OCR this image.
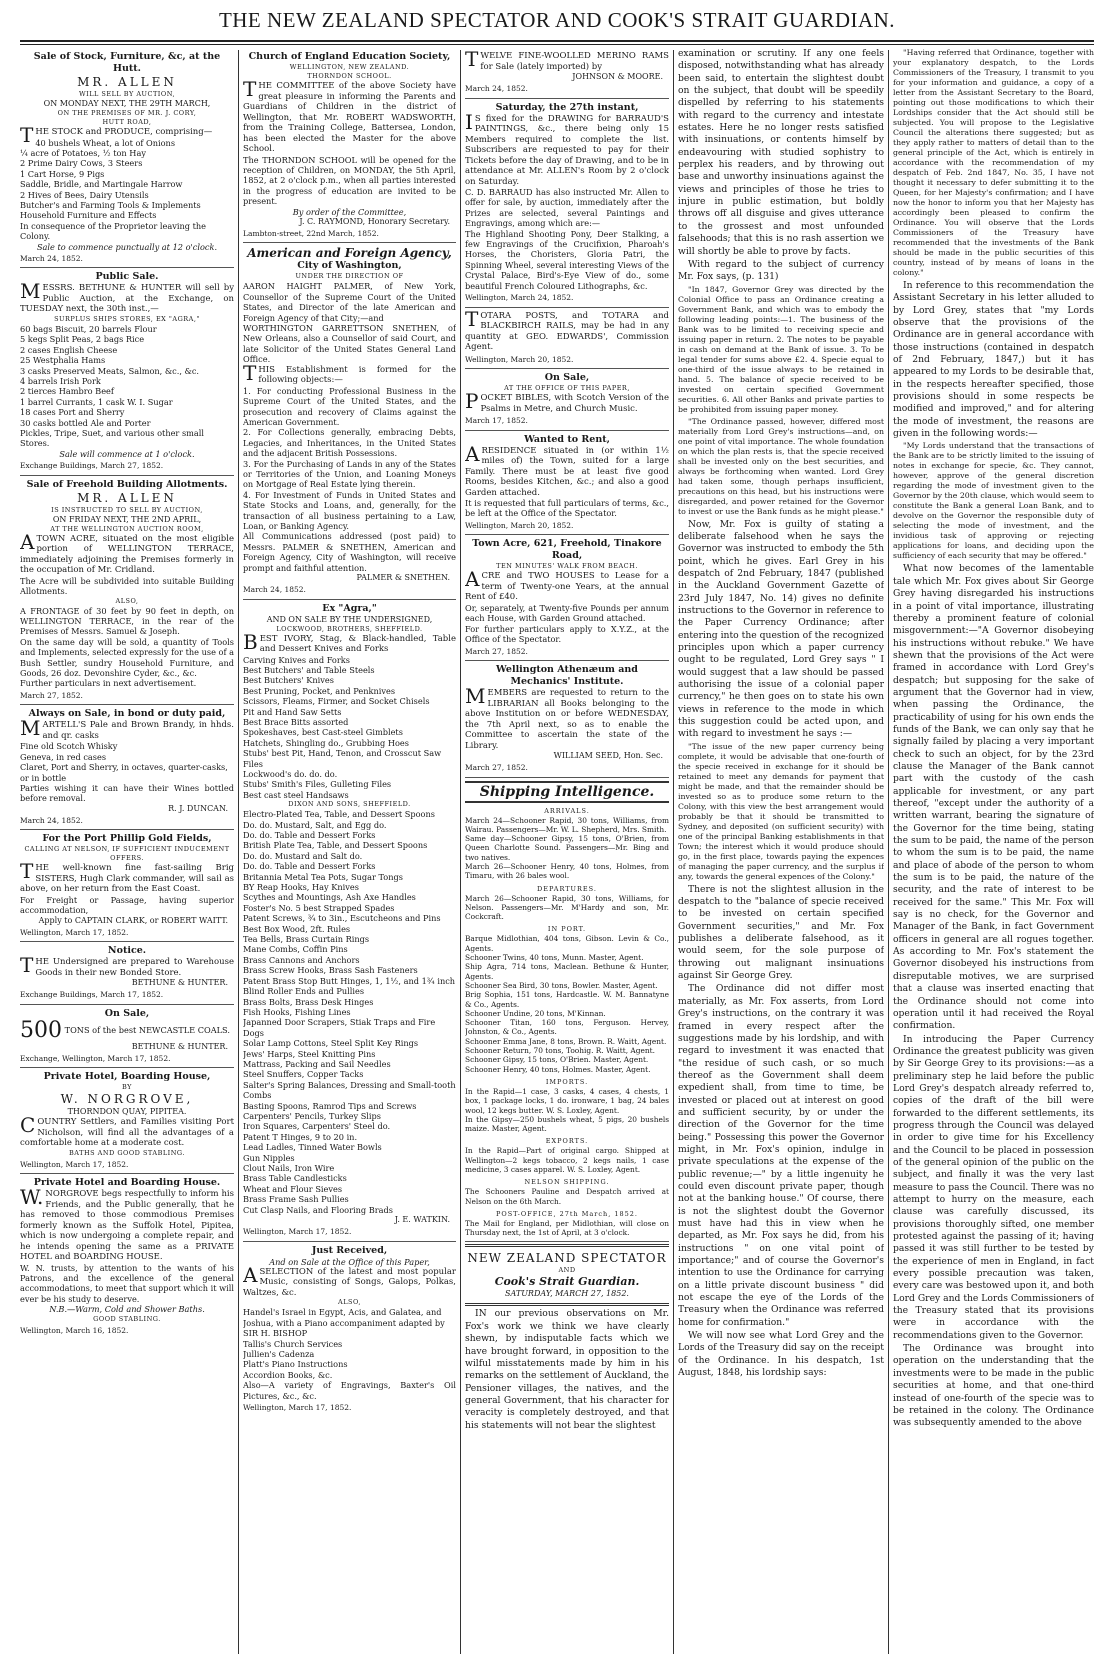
THE NEW ZEALAND SPECTATOR AND COOK'S STRAIT GUARDIAN.
Sale of Stock, Furniture, &c, at the Hutt.
MR. ALLEN
WILL SELL BY AUCTION,
ON MONDAY NEXT, THE 29TH MARCH,
ON THE PREMISES OF MR. J. CORY,
HUTT ROAD,
THE STOCK and PRODUCE, comprising—
40 bushels Wheat, a lot of Onions
¼ acre of Potatoes, ½ ton Hay
2 Prime Dairy Cows, 3 Steers
1 Cart Horse, 9 Pigs
Saddle, Bridle, and Martingale Harrow
2 Hives of Bees, Dairy Utensils
Butcher's and Farming Tools & Implements
Household Furniture and Effects
In consequence of the Proprietor leaving the Colony.
Sale to commence punctually at 12 o'clock.
March 24, 1852.
Public Sale.
MESSRS. BETHUNE & HUNTER will sell by Public Auction, at the Exchange, on TUESDAY next, the 30th inst.,—
SURPLUS SHIPS STORES, EX "AGRA,"
60 bags Biscuit, 20 barrels Flour
5 kegs Split Peas, 2 bags Rice
2 cases English Cheese
25 Westphalia Hams
3 casks Preserved Meats, Salmon, &c., &c.
4 barrels Irish Pork
2 tierces Hambro Beef
1 barrel Currants, 1 cask W. I. Sugar
18 cases Port and Sherry
30 casks bottled Ale and Porter
Pickles, Tripe, Suet, and various other small Stores.
Sale will commence at 1 o'clock.
Exchange Buildings, March 27, 1852.
Sale of Freehold Building Allotments.
MR. ALLEN
IS INSTRUCTED TO SELL BY AUCTION,
ON FRIDAY NEXT, THE 2ND APRIL,
AT THE WELLINGTON AUCTION ROOM,
ATOWN ACRE, situated on the most eligible portion of WELLINGTON TERRACE, immediately adjoining the Premises formerly in the occupation of Mr. Cridland.
The Acre will be subdivided into suitable Building Allotments.
ALSO,
A FRONTAGE of 30 feet by 90 feet in depth, on WELLINGTON TERRACE, in the rear of the Premises of Messrs. Samuel & Joseph.
On the same day will be sold, a quantity of Tools and Implements, selected expressly for the use of a Bush Settler, sundry Household Furniture, and Goods, 26 doz. Devonshire Cyder, &c., &c.
Further particulars in next advertisement.
March 27, 1852.
Always on Sale, in bond or duty paid,
MARTELL'S Pale and Brown Brandy, in hhds. and qr. casks
Fine old Scotch Whisky
Geneva, in red cases
Claret, Port and Sherry, in octaves, quarter-casks, or in bottle
Parties wishing it can have their Wines bottled before removal.
R. J. DUNCAN.
March 24, 1852.
For the Port Phillip Gold Fields,
CALLING AT NELSON, IF SUFFICIENT INDUCEMENT OFFERS.
THE well-known fine fast-sailing Brig SISTERS, Hugh Clark commander, will sail as above, on her return from the East Coast.
For Freight or Passage, having superior accommodation,
Apply to CAPTAIN CLARK, or ROBERT WAITT.
Wellington, March 17, 1852.
Notice.
THE Undersigned are prepared to Warehouse Goods in their new Bonded Store.
BETHUNE & HUNTER.
Exchange Buildings, March 17, 1852.
On Sale,
500 TONS of the best NEWCASTLE COALS.
BETHUNE & HUNTER.
Exchange, Wellington, March 17, 1852.
Private Hotel, Boarding House,
BY
W. NORGROVE,
THORNDON QUAY, PIPITEA.
COUNTRY Settlers, and Families visiting Port Nicholson, will find all the advantages of a comfortable home at a moderate cost.
BATHS AND GOOD STABLING.
Wellington, March 17, 1852.
Private Hotel and Boarding House.
W.NORGROVE begs respectfully to inform his Friends, and the Public generally, that he has removed to those commodious Premises formerly known as the Suffolk Hotel, Pipitea, which is now undergoing a complete repair, and he intends opening the same as a PRIVATE HOTEL and BOARDING HOUSE.
W. N. trusts, by attention to the wants of his Patrons, and the excellence of the general accommodations, to meet that support which it will ever be his study to deserve.
N.B.—Warm, Cold and Shower Baths.
GOOD STABLING.
Wellington, March 16, 1852.
Church of England Education Society,
WELLINGTON, NEW ZEALAND.
THORNDON SCHOOL.
THE COMMITTEE of the above Society have great pleasure in informing the Parents and Guardians of Children in the district of Wellington, that Mr. ROBERT WADSWORTH, from the Training College, Battersea, London, has been elected the Master for the above School.
The THORNDON SCHOOL will be opened for the reception of Children, on MONDAY, the 5th April, 1852, at 2 o'clock p.m., when all parties interested in the progress of education are invited to be present.
By order of the Committee,
J. C. RAYMOND, Honorary Secretary.
Lambton-street, 22nd March, 1852.
American and Foreign Agency,
City of Washington,
UNDER THE DIRECTION OF
AARON HAIGHT PALMER, of New York, Counsellor of the Supreme Court of the United States, and Director of the late American and Foreign Agency of that City;—and
WORTHINGTON GARRETTSON SNETHEN, of New Orleans, also a Counsellor of said Court, and late Solicitor of the United States General Land Office.
THIS Establishment is formed for the following objects:—
1. For conducting Professional Business in the Supreme Court of the United States, and the prosecution and recovery of Claims against the American Government.
2. For Collections generally, embracing Debts, Legacies, and Inheritances, in the United States and the adjacent British Possessions.
3. For the Purchasing of Lands in any of the States or Territories of the Union, and Loaning Moneys on Mortgage of Real Estate lying therein.
4. For Investment of Funds in United States and State Stocks and Loans, and, generally, for the transaction of all business pertaining to a Law, Loan, or Banking Agency.
All Communications addressed (post paid) to Messrs. PALMER & SNETHEN, American and Foreign Agency, City of Washington, will receive prompt and faithful attention.
PALMER & SNETHEN.
March 24, 1852.
Ex "Agra,"
AND ON SALE BY THE UNDERSIGNED,
LOCKWOOD, BROTHERS, SHEFFIELD.
BEST IVORY, Stag, & Black-handled, Table and Dessert Knives and Forks
Carving Knives and Forks
Best Butchers' and Table Steels
Best Butchers' Knives
Best Pruning, Pocket, and Penknives
Scissors, Fleams, Firmer, and Socket Chisels
Pit and Hand Saw Setts
Best Brace Bitts assorted
Spokeshaves, best Cast-steel Gimblets
Hatchets, Shingling do., Grubbing Hoes
Stubs' best Pit, Hand, Tenon, and Crosscut Saw Files
Lockwood's do. do. do.
Stubs' Smith's Files, Gulleting Files
Best cast steel Handsaws
DIXON AND SONS, SHEFFIELD.
Electro-Plated Tea, Table, and Dessert Spoons
Do. do. Mustard, Salt, and Egg do.
Do. do. Table and Dessert Forks
British Plate Tea, Table, and Dessert Spoons
Do. do. Mustard and Salt do.
Do. do. Table and Dessert Forks
Britannia Metal Tea Pots, Sugar Tongs
BY Reap Hooks, Hay Knives
Scythes and Mountings, Ash Axe Handles
Foster's No. 5 best Strapped Spades
Patent Screws, ¾ to 3in., Escutcheons and Pins
Best Box Wood, 2ft. Rules
Tea Bells, Brass Curtain Rings
Mane Combs, Coffin Pins
Brass Cannons and Anchors
Brass Screw Hooks, Brass Sash Fasteners
Patent Brass Stop Butt Hinges, 1, 1½, and 1¾ inch
Blind Roller Ends and Pullies
Brass Bolts, Brass Desk Hinges
Fish Hooks, Fishing Lines
Japanned Door Scrapers, Stiak Traps and Fire Dogs
Solar Lamp Cottons, Steel Split Key Rings
Jews' Harps, Steel Knitting Pins
Mattrass, Packing and Sail Needles
Steel Snuffers, Copper Tacks
Salter's Spring Balances, Dressing and Small-tooth Combs
Basting Spoons, Ramrod Tips and Screws
Carpenters' Pencils, Turkey Slips
Iron Squares, Carpenters' Steel do.
Patent T Hinges, 9 to 20 in.
Lead Ladles, Tinned Water Bowls
Gun Nipples
Clout Nails, Iron Wire
Brass Table Candlesticks
Wheat and Flour Sieves
Brass Frame Sash Pullies
Cut Clasp Nails, and Flooring Brads
J. E. WATKIN.
Wellington, March 17, 1852.
Just Received,
And on Sale at the Office of this Paper,
ASELECTION of the latest and most popular Music, consisting of Songs, Galops, Polkas, Waltzes, &c.
ALSO,
Handel's Israel in Egypt, Acis, and Galatea, and Joshua, with a Piano accompaniment adapted by SIR H. BISHOP
Tallis's Church Services
Jullien's Cadenza
Platt's Piano Instructions
Accordion Books, &c.
Also—A variety of Engravings, Baxter's Oil Pictures, &c., &c.
Wellington, March 17, 1852.
TWELVE FINE-WOOLLED MERINO RAMS for Sale (lately imported) by
JOHNSON & MOORE.
March 24, 1852.
Saturday, the 27th instant,
IS fixed for the DRAWING for BARRAUD'S PAINTINGS, &c., there being only 15 Members required to complete the list. Subscribers are requested to pay for their Tickets before the day of Drawing, and to be in attendance at Mr. ALLEN's Room by 2 o'clock on Saturday.
C. D. BARRAUD has also instructed Mr. Allen to offer for sale, by auction, immediately after the Prizes are selected, several Paintings and Engravings, among which are:—
The Highland Shooting Pony, Deer Stalking, a few Engravings of the Crucifixion, Pharoah's Horses, the Choristers, Gloria Patri, the Spinning Wheel, several interesting Views of the Crystal Palace, Bird's-Eye View of do., some beautiful French Coloured Lithographs, &c.
Wellington, March 24, 1852.
TOTARA POSTS, and TOTARA and BLACKBIRCH RAILS, may be had in any quantity at GEO. EDWARDS', Commission Agent.
Wellington, March 20, 1852.
On Sale,
AT THE OFFICE OF THIS PAPER,
POCKET BIBLES, with Scotch Version of the Psalms in Metre, and Church Music.
March 17, 1852.
Wanted to Rent,
ARESIDENCE situated in (or within 1½ miles of) the Town, suited for a large Family. There must be at least five good Rooms, besides Kitchen, &c.; and also a good Garden attached.
It is requested that full particulars of terms, &c., be left at the Office of the Spectator.
Wellington, March 20, 1852.
Town Acre, 621, Freehold, Tinakore Road,
TEN MINUTES' WALK FROM BEACH.
ACRE and TWO HOUSES to Lease for a term of Twenty-one Years, at the annual Rent of £40.
Or, separately, at Twenty-five Pounds per annum each House, with Garden Ground attached.
For further particulars apply to X.Y.Z., at the Office of the Spectator.
March 27, 1852.
Wellington Athenæum and Mechanics' Institute.
MEMBERS are requested to return to the LIBRARIAN all Books belonging to the above Institution on or before WEDNESDAY, the 7th April next, so as to enable the Committee to ascertain the state of the Library.
WILLIAM SEED, Hon. Sec.
March 27, 1852.
Shipping Intelligence.
ARRIVALS.
March 24—Schooner Rapid, 30 tons, Williams, from Wairau. Passengers—Mr. W. L. Shepherd, Mrs. Smith.
Same day—Schooner Gipsy, 15 tons, O'Brien, from Queen Charlotte Sound. Passengers—Mr. Bing and two natives.
March 26—Schooner Henry, 40 tons, Holmes, from Timaru, with 26 bales wool.
DEPARTURES.
March 26—Schooner Rapid, 30 tons, Williams, for Nelson. Passengers—Mr. M'Hardy and son, Mr. Cockcraft.
IN PORT.
Barque Midlothian, 404 tons, Gibson. Levin & Co., Agents.
Schooner Twins, 40 tons, Munn. Master, Agent.
Ship Agra, 714 tons, Maclean. Bethune & Hunter, Agents.
Schooner Sea Bird, 30 tons, Bowler. Master, Agent.
Brig Sophia, 151 tons, Hardcastle. W. M. Bannatyne & Co., Agents.
Schooner Undine, 20 tons, M'Kinnan.
Schooner Titan, 160 tons, Ferguson. Hervey, Johnston, & Co., Agents.
Schooner Emma Jane, 8 tons, Brown. R. Waitt, Agent.
Schooner Return, 70 tons, Toohig. R. Waitt, Agent.
Schooner Gipsy, 15 tons, O'Brien. Master, Agent.
Schooner Henry, 40 tons, Holmes. Master, Agent.
IMPORTS.
In the Rapid—1 case, 3 casks, 4 cases, 4 chests, 1 box, 1 package locks, 1 do. ironware, 1 bag, 24 bales wool, 12 kegs butter. W. S. Loxley, Agent.
In the Gipsy—250 bushels wheat, 5 pigs, 20 bushels maize. Master, Agent.
EXPORTS.
In the Rapid—Part of original cargo. Shipped at Wellington—2 kegs tobacco, 2 kegs nails, 1 case medicine, 3 cases apparel. W. S. Loxley, Agent.
NELSON SHIPPING.
The Schooners Pauline and Despatch arrived at Nelson on the 6th March.
POST-OFFICE, 27th March, 1852.
The Mail for England, per Midlothian, will close on Thursday next, the 1st of April, at 3 o'clock.
NEW ZEALAND SPECTATOR
AND
Cook's Strait Guardian.
SATURDAY, MARCH 27, 1852.
IN our previous observations on Mr. Fox's work we think we have clearly shewn, by indisputable facts which we have brought forward, in opposition to the wilful misstatements made by him in his remarks on the settlement of Auckland, the Pensioner villages, the natives, and the general Government, that his character for veracity is completely destroyed, and that his statements will not bear the slightest
examination or scrutiny. If any one feels disposed, notwithstanding what has already been said, to entertain the slightest doubt on the subject, that doubt will be speedily dispelled by referring to his statements with regard to the currency and intestate estates. Here he no longer rests satisfied with insinuations, or contents himself by endeavouring with studied sophistry to perplex his readers, and by throwing out base and unworthy insinuations against the views and principles of those he tries to injure in public estimation, but boldly throws off all disguise and gives utterance to the grossest and most unfounded falsehoods; that this is no rash assertion we will shortly be able to prove by facts.
With regard to the subject of currency Mr. Fox says, (p. 131)
"In 1847, Governor Grey was directed by the Colonial Office to pass an Ordinance creating a Government Bank, and which was to embody the following leading points:—1. The business of the Bank was to be limited to receiving specie and issuing paper in return. 2. The notes to be payable in cash on demand at the Bank of issue. 3. To be legal tender for sums above £2. 4. Specie equal to one-third of the issue always to be retained in hand. 5. The balance of specie received to be invested on certain specified Government securities. 6. All other Banks and private parties to be prohibited from issuing paper money.
"The Ordinance passed, however, differed most materially from Lord Grey's instructions—and, on one point of vital importance. The whole foundation on which the plan rests is, that the specie received shall be invested only on the best securities, and always be forthcoming when wanted. Lord Grey had taken some, though perhaps insufficient, precautions on this head, but his instructions were disregarded, and power retained for the Governor to invest or use the Bank funds as he might please."
Now, Mr. Fox is guilty of stating a deliberate falsehood when he says the Governor was instructed to embody the 5th point, which he gives. Earl Grey in his despatch of 2nd February, 1847 (published in the Auckland Government Gazette of 23rd July 1847, No. 14) gives no definite instructions to the Governor in reference to the Paper Currency Ordinance; after entering into the question of the recognized principles upon which a paper currency ought to be regulated, Lord Grey says " I would suggest that a law should be passed authorising the issue of a colonial paper currency," he then goes on to state his own views in reference to the mode in which this suggestion could be acted upon, and with regard to investment he says :—
"The issue of the new paper currency being complete, it would be advisable that one-fourth of the specie received in exchange for it should be retained to meet any demands for payment that might be made, and that the remainder should be invested so as to produce some return to the Colony, with this view the best arrangement would probably be that it should be transmitted to Sydney, and deposited (on sufficient security) with one of the principal Banking establishments in that Town; the interest which it would produce should go, in the first place, towards paying the expences of managing the paper currency, and the surplus if any, towards the general expences of the Colony."
There is not the slightest allusion in the despatch to the "balance of specie received to be invested on certain specified Government securities," and Mr. Fox publishes a deliberate falsehood, as it would seem, for the sole purpose of throwing out malignant insinuations against Sir George Grey.
The Ordinance did not differ most materially, as Mr. Fox asserts, from Lord Grey's instructions, on the contrary it was framed in every respect after the suggestions made by his lordship, and with regard to investment it was enacted that "the residue of such cash, or so much thereof as the Government shall deem expedient shall, from time to time, be invested or placed out at interest on good and sufficient security, by or under the direction of the Governor for the time being." Possessing this power the Governor might, in Mr. Fox's opinion, indulge in private speculations at the expense of the public revenue;—" by a little ingenuity he could even discount private paper, though not at the banking house." Of course, there is not the slightest doubt the Governor must have had this in view when he departed, as Mr. Fox says he did, from his instructions " on one vital point of importance;" and of course the Governor's intention to use the Ordinance for carrying on a little private discount business " did not escape the eye of the Lords of the Treasury when the Ordinance was referred home for confirmation."
We will now see what Lord Grey and the Lords of the Treasury did say on the receipt of the Ordinance. In his despatch, 1st August, 1848, his lordship says:
"Having referred that Ordinance, together with your explanatory despatch, to the Lords Commissioners of the Treasury, I transmit to you for your information and guidance, a copy of a letter from the Assistant Secretary to the Board, pointing out those modifications to which their Lordships consider that the Act should still be subjected. You will propose to the Legislative Council the alterations there suggested; but as they apply rather to matters of detail than to the general principle of the Act, which is entirely in accordance with the recommendation of my despatch of Feb. 2nd 1847, No. 35, I have not thought it necessary to defer submitting it to the Queen, for her Majesty's confirmation; and I have now the honor to inform you that her Majesty has accordingly been pleased to confirm the Ordinance. You will observe that the Lords Commissioners of the Treasury have recommended that the investments of the Bank should be made in the public securities of this country, instead of by means of loans in the colony."
In reference to this recommendation the Assistant Secretary in his letter alluded to by Lord Grey, states that "my Lords observe that the provisions of the Ordinance are in general accordance with those instructions (contained in despatch of 2nd February, 1847,) but it has appeared to my Lords to be desirable that, in the respects hereafter specified, those provisions should in some respects be modified and improved," and for altering the mode of investment, the reasons are given in the following words:—
"My Lords understand that the transactions of the Bank are to be strictly limited to the issuing of notes in exchange for specie, &c. They cannot, however, approve of the general discretion regarding the mode of investment given to the Governor by the 20th clause, which would seem to constitute the Bank a general Loan Bank, and to devolve on the Governor the responsible duty of selecting the mode of investment, and the invidious task of approving or rejecting applications for loans, and deciding upon the sufficiency of each security that may be offered."
What now becomes of the lamentable tale which Mr. Fox gives about Sir George Grey having disregarded his instructions in a point of vital importance, illustrating thereby a prominent feature of colonial misgovernment:—"A Governor disobeying his instructions without rebuke." We have shewn that the provisions of the Act were framed in accordance with Lord Grey's despatch; but supposing for the sake of argument that the Governor had in view, when passing the Ordinance, the practicability of using for his own ends the funds of the Bank, we can only say that he signally failed by placing a very important check to such an object, for by the 23rd clause the Manager of the Bank cannot part with the custody of the cash applicable for investment, or any part thereof, "except under the authority of a written warrant, bearing the signature of the Governor for the time being, stating the sum to be paid, the name of the person to whom the sum is to be paid, the name and place of abode of the person to whom the sum is to be paid, the nature of the security, and the rate of interest to be received for the same." This Mr. Fox will say is no check, for the Governor and Manager of the Bank, in fact Government officers in general are all rogues together. As according to Mr. Fox's statement the Governor disobeyed his instructions from disreputable motives, we are surprised that a clause was inserted enacting that the Ordinance should not come into operation until it had received the Royal confirmation.
In introducing the Paper Currency Ordinance the greatest publicity was given by Sir George Grey to its provisions:—as a preliminary step he laid before the public Lord Grey's despatch already referred to, copies of the draft of the bill were forwarded to the different settlements, its progress through the Council was delayed in order to give time for his Excellency and the Council to be placed in possession of the general opinion of the public on the subject, and finally it was the very last measure to pass the Council. There was no attempt to hurry on the measure, each clause was carefully discussed, its provisions thoroughly sifted, one member protested against the passing of it; having passed it was still further to be tested by the experience of men in England, in fact every possible precaution was taken, every care was bestowed upon it, and both Lord Grey and the Lords Commissioners of the Treasury stated that its provisions were in accordance with the recommendations given to the Governor.
The Ordinance was brought into operation on the understanding that the investments were to be made in the public securities at home, and that one-third instead of one-fourth of the specie was to be retained in the colony. The Ordinance was subsequently amended to the above
